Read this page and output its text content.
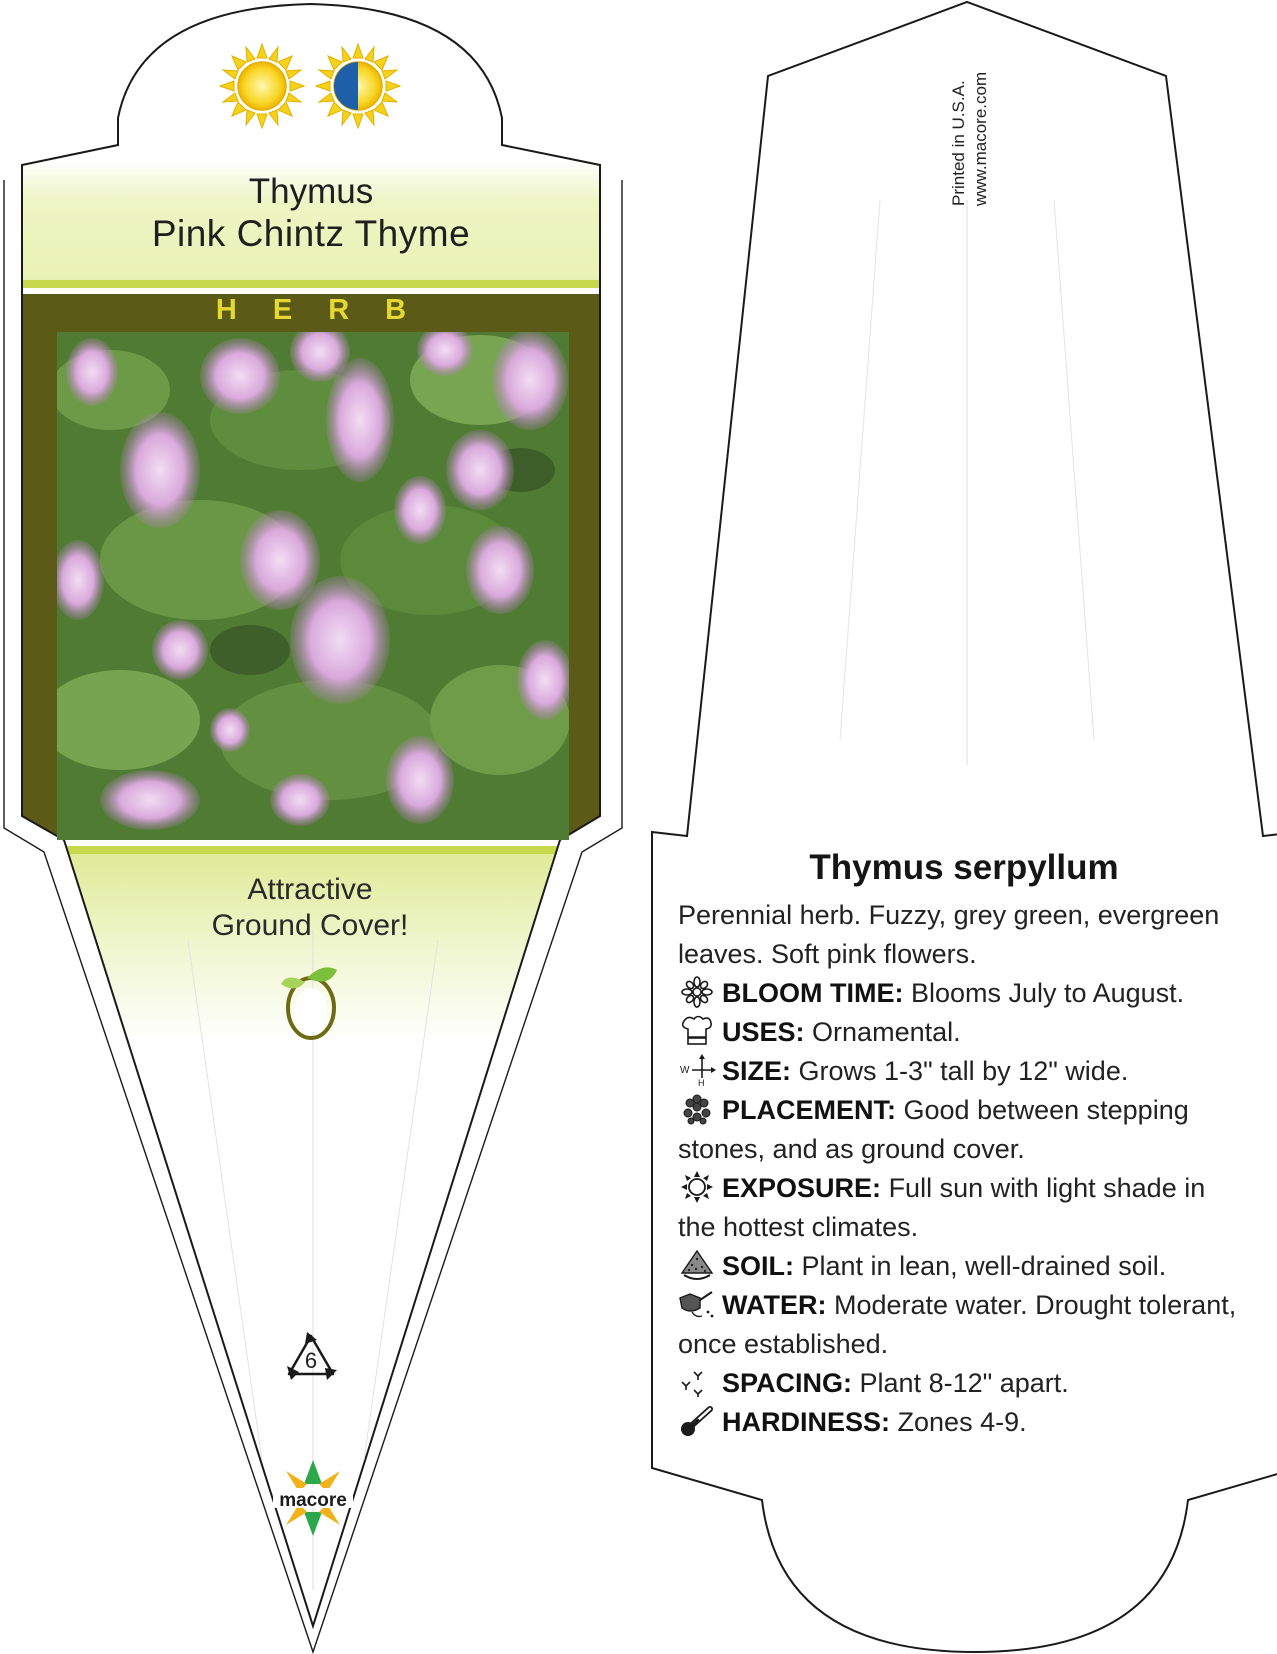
Thymus
Pink Chintz Thyme
HERB
Attractive
Ground Cover!
6
macore
Printed in U.S.A. www.macore.com
Thymus serpyllum

Perennial herb. Fuzzy, grey green, evergreen leaves. Soft pink flowers.

BLOOM TIME: Blooms July to August.

USES: Ornamental.

W
H SIZE: Grows 1-3" tall by 12" wide.

PLACEMENT: Good between stepping stones, and as ground cover.

EXPOSURE: Full sun with light shade in the hottest climates.

SOIL: Plant in lean, well-drained soil.

WATER: Moderate water. Drought tolerant, once established.

SPACING: Plant 8-12" apart.

HARDINESS: Zones 4-9.
